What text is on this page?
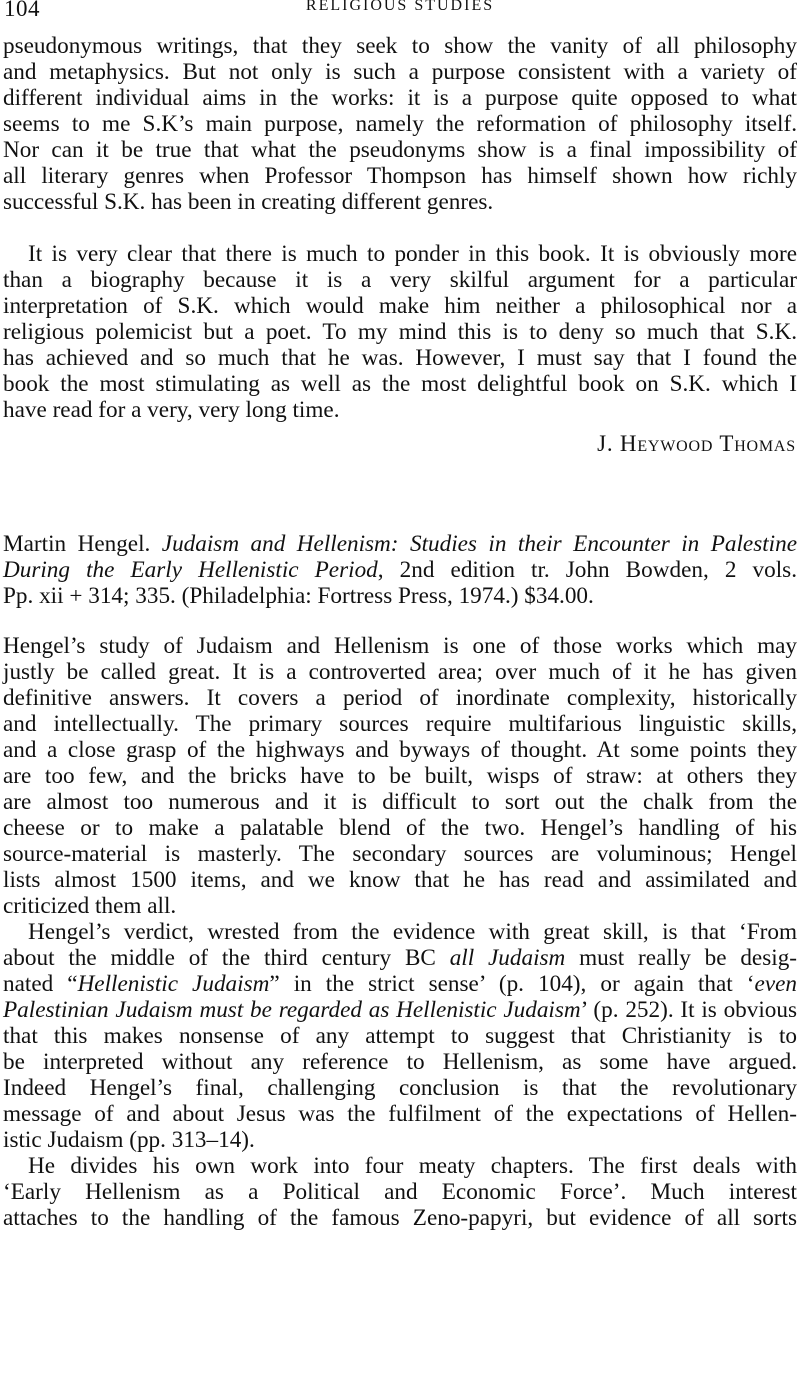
104	RELIGIOUS STUDIES
pseudonymous writings, that they seek to show the vanity of all philosophy
and metaphysics. But not only is such a purpose consistent with a variety of
different individual aims in the works: it is a purpose quite opposed to what
seems to me S.K’s main purpose, namely the reformation of philosophy itself.
Nor can it be true that what the pseudonyms show is a final impossibility of
all literary genres when Professor Thompson has himself shown how richly
successful S.K. has been in creating different genres.
It is very clear that there is much to ponder in this book. It is obviously more
than a biography because it is a very skilful argument for a particular
interpretation of S.K. which would make him neither a philosophical nor a
religious polemicist but a poet. To my mind this is to deny so much that S.K.
has achieved and so much that he was. However, I must say that I found the
book the most stimulating as well as the most delightful book on S.K. which I
have read for a very, very long time.
J. Heywood Thomas
Martin Hengel. Judaism and Hellenism: Studies in their Encounter in Palestine
During the Early Hellenistic Period, 2nd edition tr. John Bowden, 2 vols.
Pp. xii + 314; 335. (Philadelphia: Fortress Press, 1974.) $34.00.
Hengel’s study of Judaism and Hellenism is one of those works which may
justly be called great. It is a controverted area; over much of it he has given
definitive answers. It covers a period of inordinate complexity, historically
and intellectually. The primary sources require multifarious linguistic skills,
and a close grasp of the highways and byways of thought. At some points they
are too few, and the bricks have to be built, wisps of straw: at others they
are almost too numerous and it is difficult to sort out the chalk from the
cheese or to make a palatable blend of the two. Hengel’s handling of his
source-material is masterly. The secondary sources are voluminous; Hengel
lists almost 1500 items, and we know that he has read and assimilated and
criticized them all.
Hengel’s verdict, wrested from the evidence with great skill, is that ‘From
about the middle of the third century BC all Judaism must really be desig-
nated “Hellenistic Judaism” in the strict sense’ (p. 104), or again that ‘even
Palestinian Judaism must be regarded as Hellenistic Judaism’ (p. 252). It is obvious
that this makes nonsense of any attempt to suggest that Christianity is to
be interpreted without any reference to Hellenism, as some have argued.
Indeed Hengel’s final, challenging conclusion is that the revolutionary
message of and about Jesus was the fulfilment of the expectations of Hellen-
istic Judaism (pp. 313–14).
He divides his own work into four meaty chapters. The first deals with
‘Early Hellenism as a Political and Economic Force’. Much interest
attaches to the handling of the famous Zeno-papyri, but evidence of all sorts
